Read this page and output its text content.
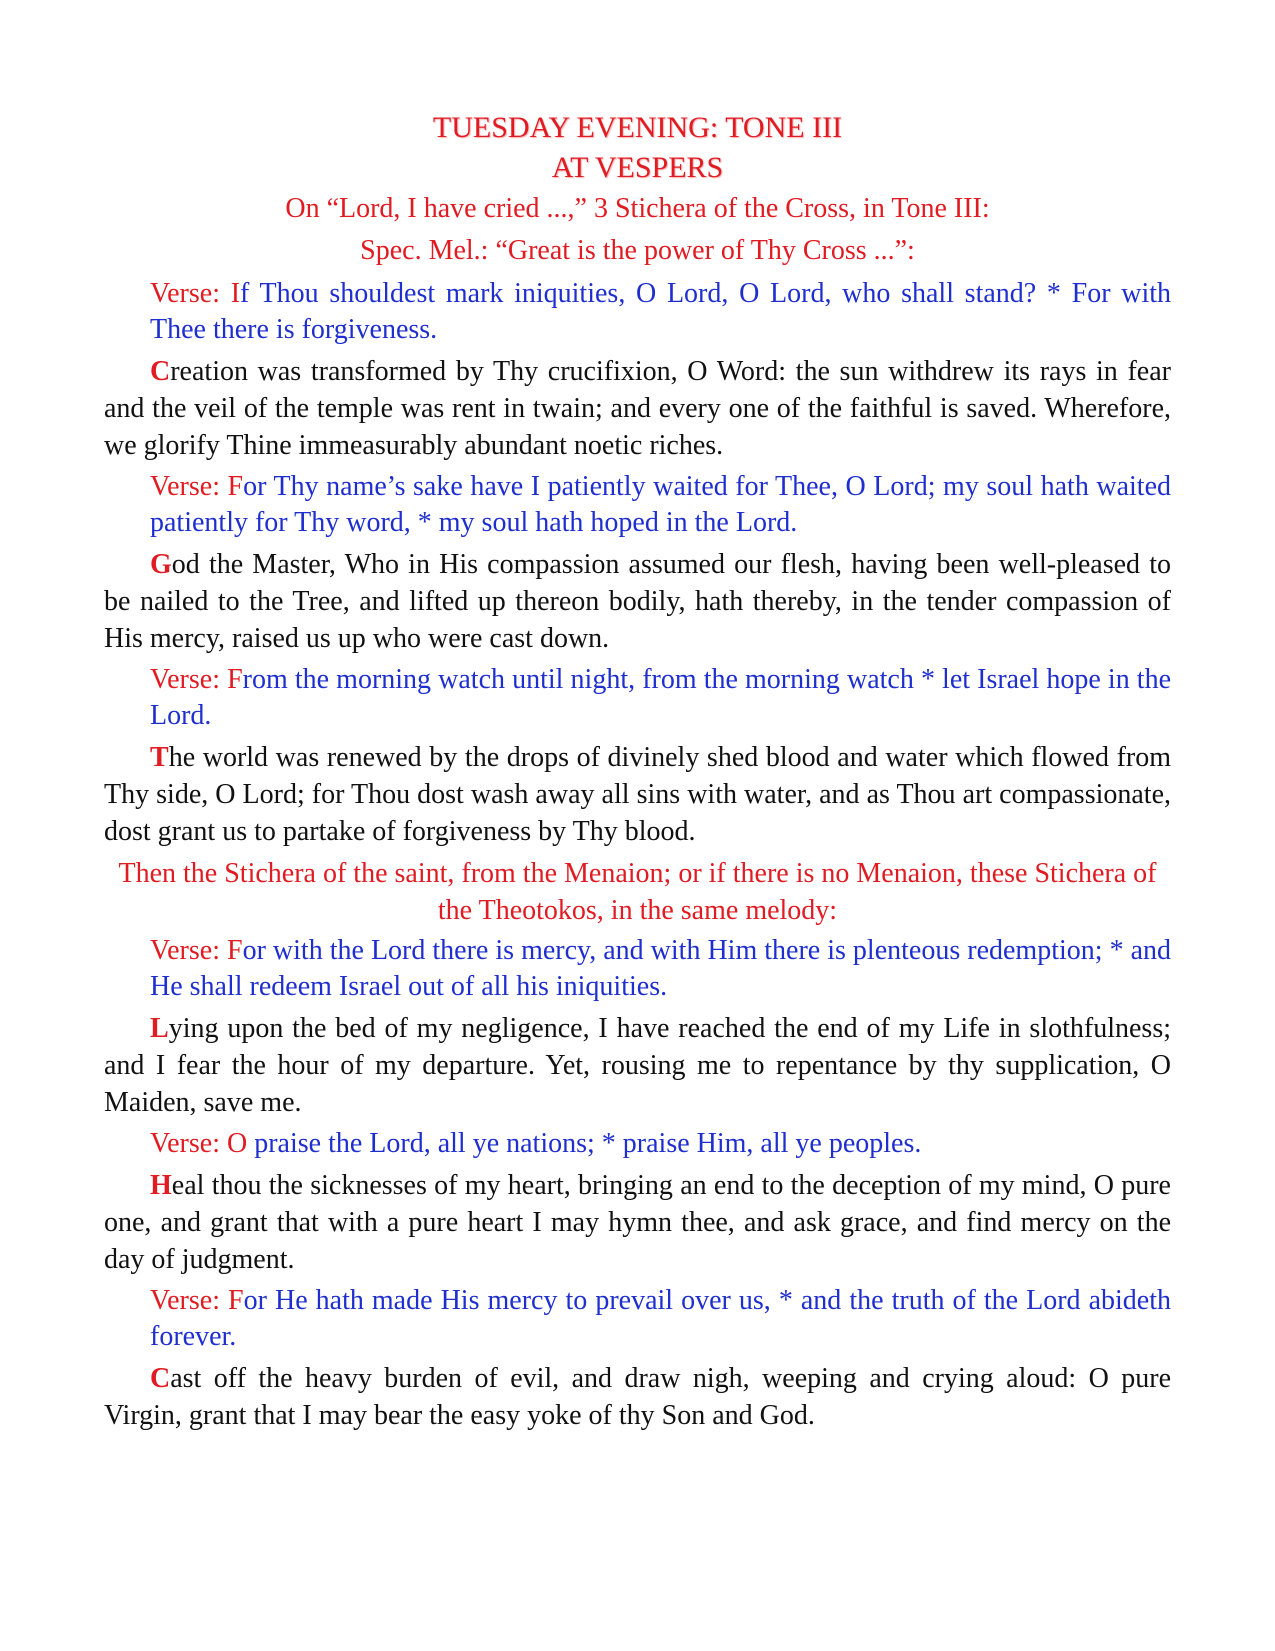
TUESDAY EVENING: TONE III
AT VESPERS

On “Lord, I have cried ...,” 3 Stichera of the Cross, in Tone III:

Spec. Mel.: “Great is the power of Thy Cross ...”:

Verse: If Thou shouldest mark iniquities, O Lord, O Lord, who shall stand? * For with Thee there is forgiveness.

Creation was transformed by Thy crucifixion, O Word: the sun withdrew its rays in fear and the veil of the temple was rent in twain; and every one of the faithful is saved. Wherefore, we glorify Thine immeasurably abundant noetic riches.

Verse: For Thy name’s sake have I patiently waited for Thee, O Lord; my soul hath waited patiently for Thy word, * my soul hath hoped in the Lord.

God the Master, Who in His compassion assumed our flesh, having been well-pleased to be nailed to the Tree, and lifted up thereon bodily, hath thereby, in the tender compassion of His mercy, raised us up who were cast down.

Verse: From the morning watch until night, from the morning watch * let Israel hope in the Lord.

The world was renewed by the drops of divinely shed blood and water which flowed from Thy side, O Lord; for Thou dost wash away all sins with water, and as Thou art compassionate, dost grant us to partake of forgiveness by Thy blood.

Then the Stichera of the saint, from the Menaion; or if there is no Menaion, these Stichera of the Theotokos, in the same melody:

Verse: For with the Lord there is mercy, and with Him there is plenteous redemption; * and He shall redeem Israel out of all his iniquities.

Lying upon the bed of my negligence, I have reached the end of my Life in slothfulness; and I fear the hour of my departure. Yet, rousing me to repentance by thy supplication, O Maiden, save me.

Verse: O praise the Lord, all ye nations; * praise Him, all ye peoples.

Heal thou the sicknesses of my heart, bringing an end to the deception of my mind, O pure one, and grant that with a pure heart I may hymn thee, and ask grace, and find mercy on the day of judgment.

Verse: For He hath made His mercy to prevail over us, * and the truth of the Lord abideth forever.

Cast off the heavy burden of evil, and draw nigh, weeping and crying aloud: O pure Virgin, grant that I may bear the easy yoke of thy Son and God.
